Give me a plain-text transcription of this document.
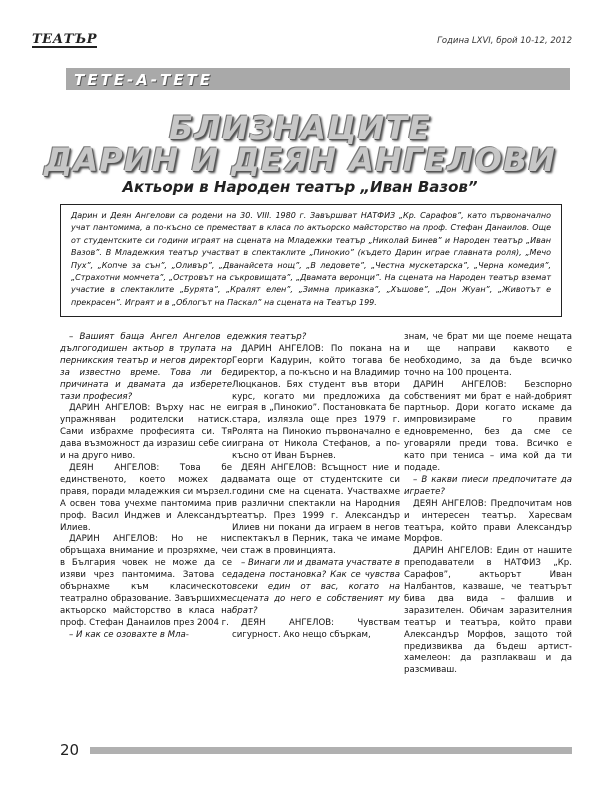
ТЕАТЪР	Година LXVI, брой 10-12, 2012
ТЕТЕ-А-ТЕТЕ
БЛИЗНАЦИТЕ
ДАРИН И ДЕЯН АНГЕЛОВИ
Актьори в Народен театър „Иван Вазов”
Дарин и Деян Ангелови са родени на 30. VIII. 1980 г. Завършват НАТФИЗ „Кр. Сарафов”, като първоначално учат пантомима, а по-късно се преместват в класа по актьорско майсторство на проф. Стефан Данаилов. Още от студентските си години играят на сцената на Младежки театър „Николай Бинев” и Народен театър „Иван Вазов”. В Младежкия театър участват в спектаклите „Пинокио” (където Дарин играе главната роля), „Мечо Пух”, „Копче за сън”, „Оливър”, „Дванайсета нощ”, „В ледовете”, „Честна мускетарска”, „Черна комедия”, „Страхотни момчета”, „Островът на съкровищата”, „Двамата веронци”. На сцената на Народен театър вземат участие в спектаклите „Бурята”, „Кралят елен”, „Зимна приказка”, „Хъшове”, „Дон Жуан”, „Животът е прекрасен”. Играят и в „Облогът на Паскал” на сцената на Театър 199.

– Вашият баща Ангел Ангелов е дългогодишен актьор в трупата на перникския театър и негов директор за известно време. Това ли бе причината и двамата да изберете тази професия?

ДАРИН АНГЕЛОВ: Върху нас не е упражняван родителски натиск. Сами избрахме професията си. Тя дава възможност да изразиш себе си и на друго ниво.

ДЕЯН АНГЕЛОВ: Това бе единственото, което можех да правя, поради младежкия си мързел. А освен това учехме пантомима при проф. Васил Инджев и Александър Илиев.

ДАРИН АНГЕЛОВ: Но не ни обръщаха внимание и прозряхме, че в България човек не може да се изяви чрез пантомима. Затова се обърнахме към класическото театрално образование. Завършихме актьорско майсторство в класа на проф. Стефан Данаилов през 2004 г.

– И как се озовахте в Мла-

дежкия театър?

ДАРИН АНГЕЛОВ: По покана на Георги Кадурин, който тогава бе директор, а по-късно и на Владимир Люцканов. Бях студент във втори курс, когато ми предложиха да играя в „Пинокио”. Постановката бе стара, излязла още през 1979 г. Ролята на Пинокио първоначално е играна от Никола Стефанов, а по-късно от Иван Бърнев.

ДЕЯН АНГЕЛОВ: Всъщност ние и двамата още от студентските си години сме на сцената. Участвахме в различни спектакли на Народния театър. През 1999 г. Александър Илиев ни покани да играем в негов спектакъл в Перник, така че имаме и стаж в провинцията.

– Винаги ли и двамата участвате в дадена постановка? Как се чувства всеки един от вас, когато на сцената до него е собственият му брат?

ДЕЯН АНГЕЛОВ: Чувствам сигурност. Ако нещо сбъркам,

знам, че брат ми ще поеме нещата и ще направи каквото е необходимо, за да бъде всичко точно на 100 процента.

ДАРИН АНГЕЛОВ: Безспорно собственият ми брат е най-добрият партньор. Дори когато искаме да импровизираме го правим едновременно, без да сме се уговаряли преди това. Всичко е като при тениса – има кой да ти подаде.

– В какви пиеси предпочитате да играете?

ДЕЯН АНГЕЛОВ: Предпочитам нов и интересен театър. Харесвам театъра, който прави Александър Морфов.

ДАРИН АНГЕЛОВ: Един от нашите преподаватели в НАТФИЗ „Кр. Сарафов”, актьорът Иван Налбантов, казваше, че театърът бива два вида – фалшив и заразителен. Обичам заразителния театър и театъра, който прави Александър Морфов, защото той предизвиква да бъдеш артист-хамелеон: да разплакваш и да разсмиваш.

20
